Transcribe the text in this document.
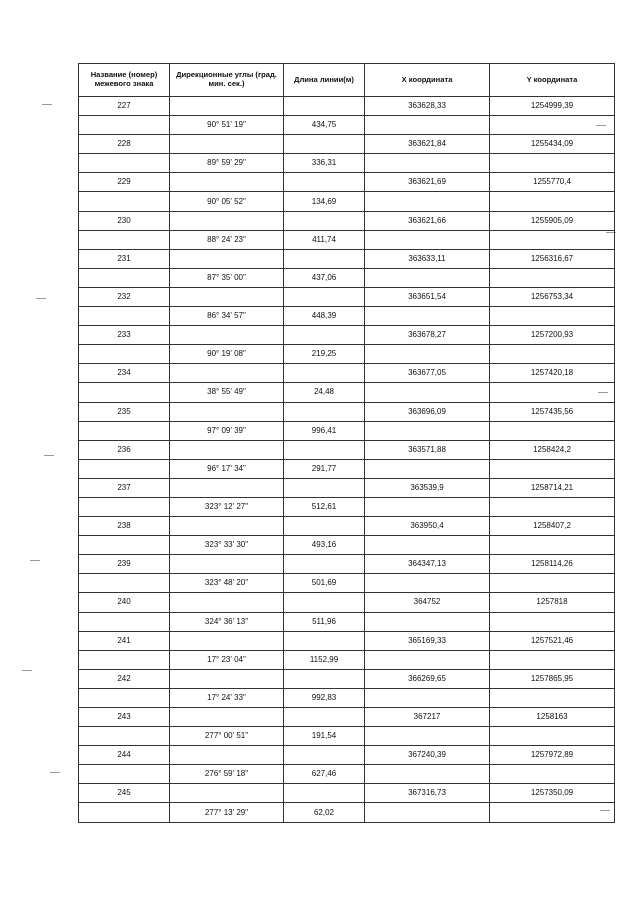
Название (номер) межевого знака	Дирекционные углы (град. мин. сек.)	Длина линии(м)	X координата	Y координата
227			363628,33	1254999,39
	90° 51' 19"	434,75		
228			363621,84	1255434,09
	89° 59' 29"	336,31		
229			363621,69	1255770,4
	90° 05' 52"	134,69		
230			363621,66	1255905,09
	88° 24' 23"	411,74		
231			363633,11	1256316,67
	87° 35' 00"	437,06		
232			363651,54	1256753,34
	86° 34' 57"	448,39		
233			363678,27	1257200,93
	90° 19' 08"	219,25		
234			363677,05	1257420,18
	38° 55' 49"	24,48		
235			363696,09	1257435,56
	97° 09' 39"	996,41		
236			363571,88	1258424,2
	96° 17' 34"	291,77		
237			363539,9	1258714,21
	323° 12' 27"	512,61		
238			363950,4	1258407,2
	323° 33' 30"	493,16		
239			364347,13	1258114,26
	323° 48' 20"	501,69		
240			364752	1257818
	324° 36' 13"	511,96		
241			365169,33	1257521,46
	17° 23' 04"	1152,99		
242			366269,65	1257865,95
	17° 24' 33"	992,83		
243			367217	1258163
	277° 00' 51"	191,54		
244			367240,39	1257972,89
	276° 59' 18"	627,46		
245			367316,73	1257350,09
	277° 13' 29"	62,02		
